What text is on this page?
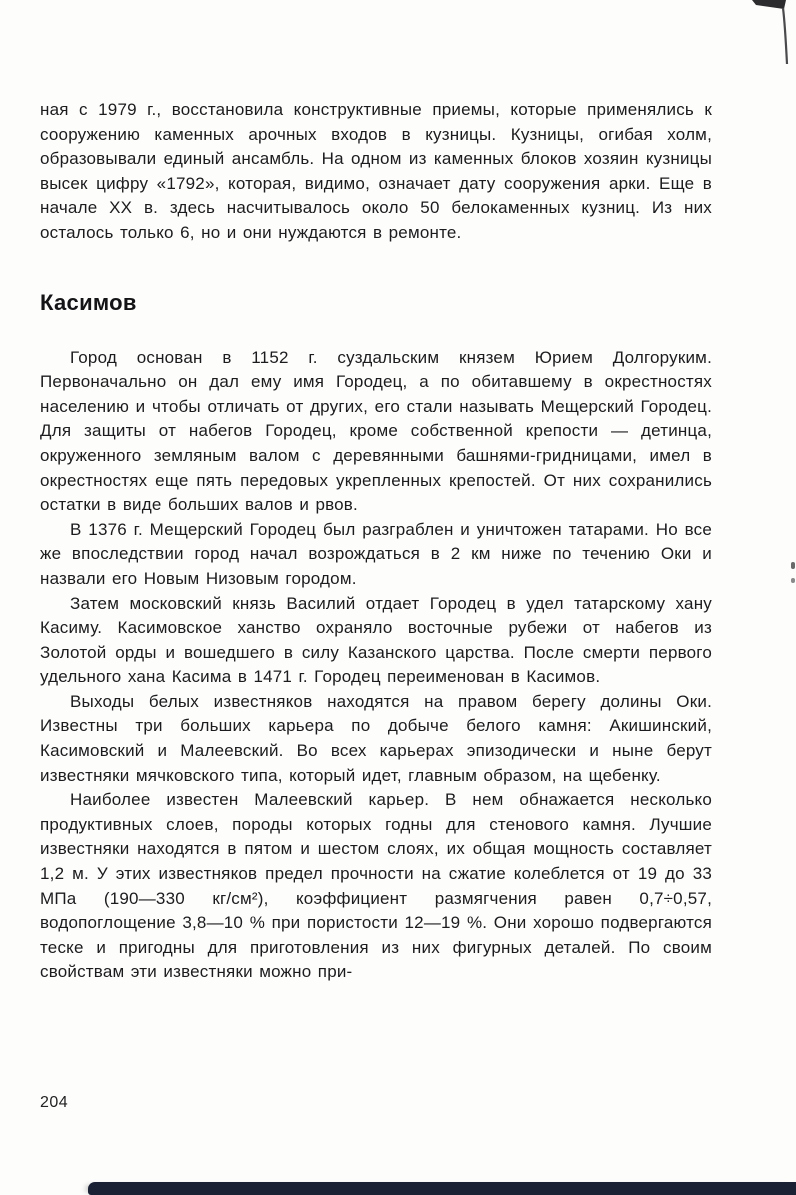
ная с 1979 г., восстановила конструктивные приемы, которые применялись к сооружению каменных арочных входов в кузницы. Кузницы, огибая холм, образовывали единый ансамбль. На одном из каменных блоков хозяин кузницы высек цифру «1792», которая, видимо, означает дату сооружения арки. Еще в начале XX в. здесь насчитывалось около 50 белокаменных кузниц. Из них осталось только 6, но и они нуждаются в ремонте.

Касимов

Город основан в 1152 г. суздальским князем Юрием Долгоруким. Первоначально он дал ему имя Городец, а по обитавшему в окрестностях населению и чтобы отличать от других, его стали называть Мещерский Городец. Для защиты от набегов Городец, кроме собственной крепости — детинца, окруженного земляным валом с деревянными башнями-гридницами, имел в окрестностях еще пять передовых укрепленных крепостей. От них сохранились остатки в виде больших валов и рвов.

В 1376 г. Мещерский Городец был разграблен и уничтожен татарами. Но все же впоследствии город начал возрождаться в 2 км ниже по течению Оки и назвали его Новым Низовым городом.

Затем московский князь Василий отдает Городец в удел татарскому хану Касиму. Касимовское ханство охраняло восточные рубежи от набегов из Золотой орды и вошедшего в силу Казанского царства. После смерти первого удельного хана Касима в 1471 г. Городец переименован в Касимов.

Выходы белых известняков находятся на правом берегу долины Оки. Известны три больших карьера по добыче белого камня: Акишинский, Касимовский и Малеевский. Во всех карьерах эпизодически и ныне берут известняки мячковского типа, который идет, главным образом, на щебенку.

Наиболее известен Малеевский карьер. В нем обнажается несколько продуктивных слоев, породы которых годны для стенового камня. Лучшие известняки находятся в пятом и шестом слоях, их общая мощность составляет 1,2 м. У этих известняков предел прочности на сжатие колеблется от 19 до 33 МПа (190—330 кг/см²), коэффициент размягчения равен 0,7÷0,57, водопоглощение 3,8—10 % при пористости 12—19 %. Они хорошо подвергаются теске и пригодны для приготовления из них фигурных деталей. По своим свойствам эти известняки можно при-

204
